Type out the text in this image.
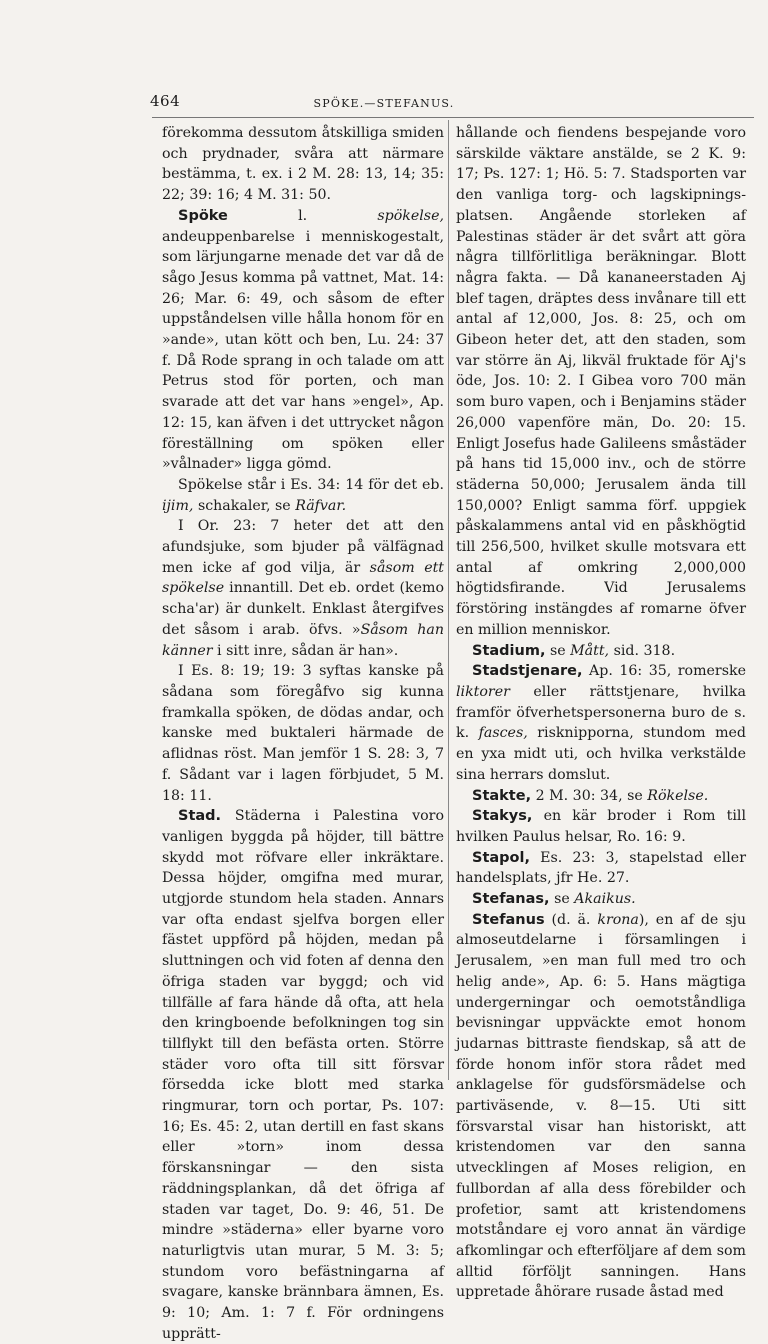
464	SPÖKE.—STEFANUS.

förekomma dessutom åtskilliga smiden och prydnader, svåra att närmare bestämma, t. ex. i 2 M. 28: 13, 14; 35: 22; 39: 16; 4 M. 31: 50.

Spöke l. spökelse, andeuppenbarelse i menniskogestalt, som lärjungarne menade det var då de sågo Jesus komma på vattnet, Mat. 14: 26; Mar. 6: 49, och såsom de efter uppståndelsen ville hålla honom för en »ande», utan kött och ben, Lu. 24: 37 f. Då Rode sprang in och talade om att Petrus stod för porten, och man svarade att det var hans »engel», Ap. 12: 15, kan äfven i det uttrycket någon föreställning om spöken eller »vålnader» ligga gömd.

Spökelse står i Es. 34: 14 för det eb. ijim, schakaler, se Räfvar.

I Or. 23: 7 heter det att den afundsjuke, som bjuder på välfägnad men icke af god vilja, är såsom ett spökelse innantill. Det eb. ordet (kemo scha'ar) är dunkelt. Enklast återgifves det såsom i arab. öfvs. »Såsom han känner i sitt inre, sådan är han».

I Es. 8: 19; 19: 3 syftas kanske på sådana som föregåfvo sig kunna framkalla spöken, de dödas andar, och kanske med buktaleri härmade de aflidnas röst. Man jemför 1 S. 28: 3, 7 f. Sådant var i lagen förbjudet, 5 M. 18: 11.

Stad. Städerna i Palestina voro vanligen byggda på höjder, till bättre skydd mot röfvare eller inkräktare. Dessa höjder, omgifna med murar, utgjorde stundom hela staden. Annars var ofta endast sjelfva borgen eller fästet uppförd på höjden, medan på sluttningen och vid foten af denna den öfriga staden var byggd; och vid tillfälle af fara hände då ofta, att hela den kringboende befolkningen tog sin tillflykt till den befästa orten. Större städer voro ofta till sitt försvar försedda icke blott med starka ringmurar, torn och portar, Ps. 107: 16; Es. 45: 2, utan dertill en fast skans eller »torn» inom dessa förskansningar — den sista räddningsplankan, då det öfriga af staden var taget, Do. 9: 46, 51. De mindre »städerna» eller byarne voro naturligtvis utan murar, 5 M. 3: 5; stundom voro befästningarna af svagare, kanske brännbara ämnen, Es. 9: 10; Am. 1: 7 f. För ordningens upprätt-

hållande och fiendens bespejande voro särskilde väktare anstälde, se 2 K. 9: 17; Ps. 127: 1; Hö. 5: 7. Stadsporten var den vanliga torg- och lagskipnings-platsen. Angående storleken af Palestinas städer är det svårt att göra några tillförlitliga beräkningar. Blott några fakta. — Då kananeerstaden Aj blef tagen, dräptes dess invånare till ett antal af 12,000, Jos. 8: 25, och om Gibeon heter det, att den staden, som var större än Aj, likväl fruktade för Aj's öde, Jos. 10: 2. I Gibea voro 700 män som buro vapen, och i Benjamins städer 26,000 vapenföre män, Do. 20: 15. Enligt Josefus hade Galileens småstäder på hans tid 15,000 inv., och de större städerna 50,000; Jerusalem ända till 150,000? Enligt samma förf. uppgiek påskalammens antal vid en påskhögtid till 256,500, hvilket skulle motsvara ett antal af omkring 2,000,000 högtidsfirande. Vid Jerusalems förstöring instängdes af romarne öfver en million menniskor.

Stadium, se Mått, sid. 318.

Stadstjenare, Ap. 16: 35, romerske liktorer eller rättstjenare, hvilka framför öfverhetspersonerna buro de s. k. fasces, risknipporna, stundom med en yxa midt uti, och hvilka verkstälde sina herrars domslut.

Stakte, 2 M. 30: 34, se Rökelse.

Stakys, en kär broder i Rom till hvilken Paulus helsar, Ro. 16: 9.

Stapol, Es. 23: 3, stapelstad eller handelsplats, jfr He. 27.

Stefanas, se Akaikus.

Stefanus (d. ä. krona), en af de sju almoseutdelarne i församlingen i Jerusalem, »en man full med tro och helig ande», Ap. 6: 5. Hans mägtiga undergerningar och oemotståndliga bevisningar uppväckte emot honom judarnas bittraste fiendskap, så att de förde honom inför stora rådet med anklagelse för gudsförsmädelse och partiväsende, v. 8—15. Uti sitt försvarstal visar han historiskt, att kristendomen var den sanna utvecklingen af Moses religion, en fullbordan af alla dess förebilder och profetior, samt att kristendomens motståndare ej voro annat än värdige afkomlingar och efterföljare af dem som alltid förföljt sanningen. Hans uppretade åhörare rusade åstad med
